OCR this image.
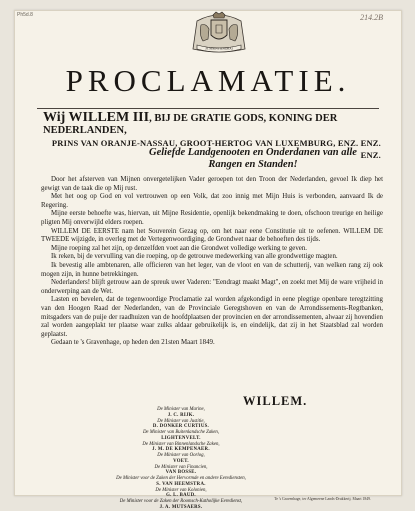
Ph5d.8	214.2B
JE MAINTIENDRAI
PROCLAMATIE.
Wij WILLEM III, BIJ DE GRATIE GODS, KONING DER NEDERLANDEN,
PRINS VAN ORANJE-NASSAU, GROOT-HERTOG VAN LUXEMBURG, ENZ. ENZ. ENZ.
Geliefde Landgenooten en Onderdanen van alle
Rangen en Standen!

Door het afsterven van Mijnen onvergetelijken Vader geroepen tot den Troon der Nederlanden, gevoel Ik diep het gewigt van de taak die op Mij rust.

Met het oog op God en vol vertrouwen op een Volk, dat zoo innig met Mijn Huis is verbonden, aanvaard Ik de Regering.

Mijne eerste behoefte was, hiervan, uit Mijne Residentie, openlijk bekendmaking te doen, ofschoon treurige en heilige pligten Mij onverwijld elders roepen.

WILLEM DE EERSTE nam het Souverein Gezag op, om het naar eene Constitutie uit te oefenen. WILLEM DE TWEEDE wijzigde, in overleg met de Vertegenwoordiging, de Grondwet naar de behoeften des tijds.

Mijne roeping zal het zijn, op denzelfden voet aan die Grondwet volledige werking te geven.

Ik reken, bij de vervulling van die roeping, op de getrouwe medewerking van alle grondwettige magten.

Ik bevestig alle ambtenaren, alle officieren van het leger, van de vloot en van de schutterij, van welken rang zij ook mogen zijn, in hunne betrekkingen.

Nederlanders! blijft getrouw aan de spreuk uwer Vaderen: "Eendragt maakt Magt", en zoekt met Mij de ware vrijheid in onderwerping aan de Wet.

Lasten en bevelen, dat de tegenwoordige Proclamatie zal worden afgekondigd in eene plegtige openbare teregtzitting van den Hoogen Raad der Nederlanden, van de Provinciale Geregtshoven en van de Arrondissements-Regtbanken, mitsgaders van de puije der raadhuizen van de hoofdplaatsen der provincien en der arrondissementen, alwaar zij hovendien zal worden aangeplakt ter plaatse waar zulks aldaar gebruikelijk is, en eindelijk, dat zij in het Staatsblad zal worden geplaatst.

Gedaan te 's Gravenhage, op heden den 21sten Maart 1849.

WILLEM.
De Minister van Marine,
J. C. RIJK.
De Minister van Justitie,
D. DONKER CURTIUS.
De Minister van Buitenlandsche Zaken,
LIGHTENVELT.
De Minister van Binnenlandsche Zaken,
J. M. DE KEMPENAER.
De Minister van Oorlog,
VOET.
De Minister van Financien,
VAN BOSSE.
De Minister voor de Zaken der Hervormde en andere Eerediensten,
S. VAN HEEMSTRA.
De Minister van Kolonien,
G. L. BAUD.
De Minister voor de Zaken der Roomsch-Katholijke Eeredienst,
J. A. MUTSAERS.
Te 's Gravenhage, ter Algemeene Lands-Drukkerij. Maart 1849.
